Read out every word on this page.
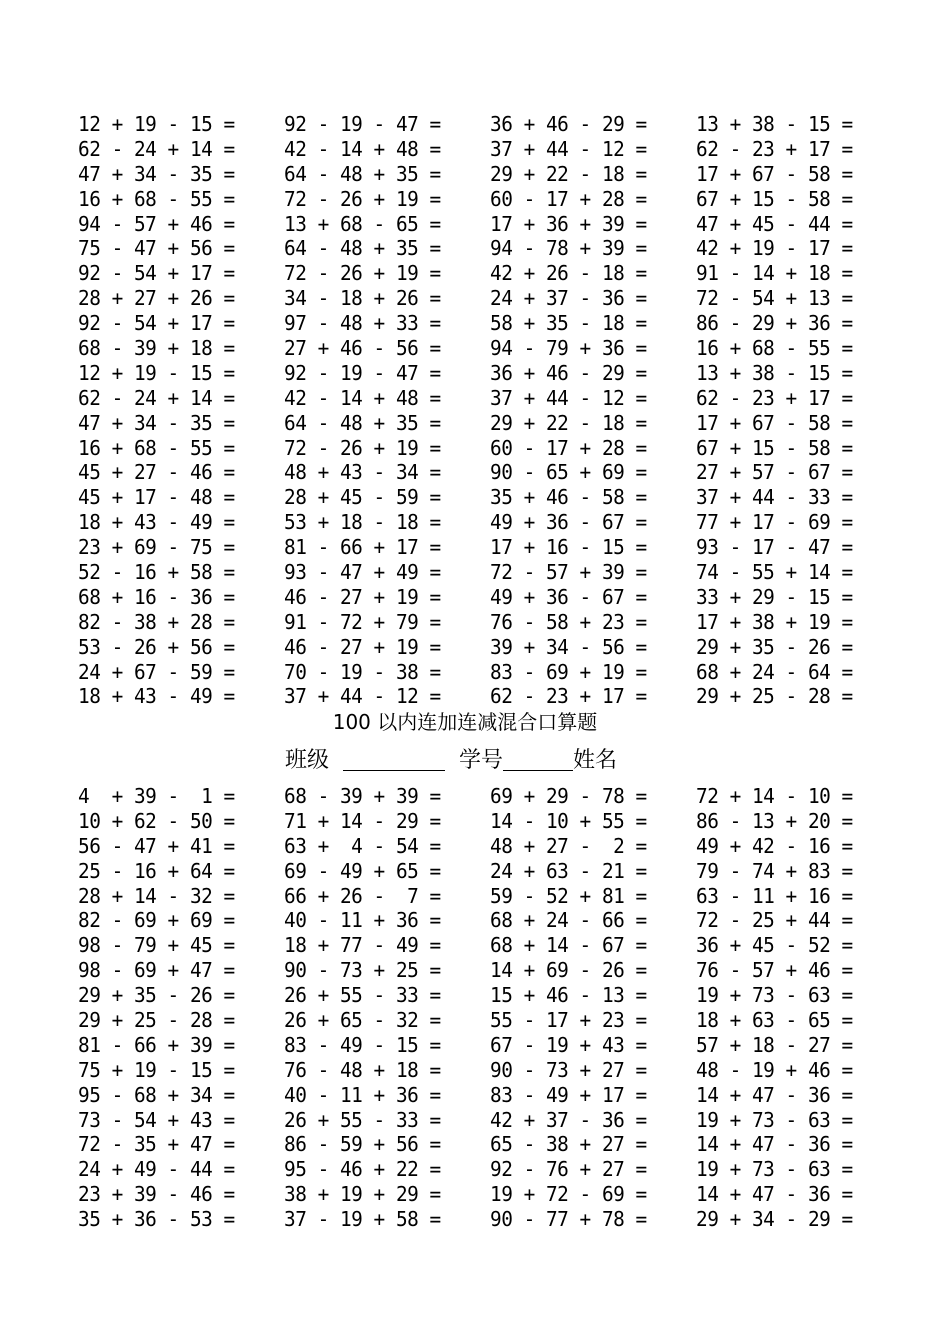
12 + 19 - 15 = 92 - 19 - 47 = 36 + 46 - 29 = 13 + 38 - 15 =
62 - 24 + 14 = 42 - 14 + 48 = 37 + 44 - 12 = 62 - 23 + 17 =
47 + 34 - 35 = 64 - 48 + 35 = 29 + 22 - 18 = 17 + 67 - 58 =
16 + 68 - 55 = 72 - 26 + 19 = 60 - 17 + 28 = 67 + 15 - 58 =
94 - 57 + 46 = 13 + 68 - 65 = 17 + 36 + 39 = 47 + 45 - 44 =
75 - 47 + 56 = 64 - 48 + 35 = 94 - 78 + 39 = 42 + 19 - 17 =
92 - 54 + 17 = 72 - 26 + 19 = 42 + 26 - 18 = 91 - 14 + 18 =
28 + 27 + 26 = 34 - 18 + 26 = 24 + 37 - 36 = 72 - 54 + 13 =
92 - 54 + 17 = 97 - 48 + 33 = 58 + 35 - 18 = 86 - 29 + 36 =
68 - 39 + 18 = 27 + 46 - 56 = 94 - 79 + 36 = 16 + 68 - 55 =
12 + 19 - 15 = 92 - 19 - 47 = 36 + 46 - 29 = 13 + 38 - 15 =
62 - 24 + 14 = 42 - 14 + 48 = 37 + 44 - 12 = 62 - 23 + 17 =
47 + 34 - 35 = 64 - 48 + 35 = 29 + 22 - 18 = 17 + 67 - 58 =
16 + 68 - 55 = 72 - 26 + 19 = 60 - 17 + 28 = 67 + 15 - 58 =
45 + 27 - 46 = 48 + 43 - 34 = 90 - 65 + 69 = 27 + 57 - 67 =
45 + 17 - 48 = 28 + 45 - 59 = 35 + 46 - 58 = 37 + 44 - 33 =
18 + 43 - 49 = 53 + 18 - 18 = 49 + 36 - 67 = 77 + 17 - 69 =
23 + 69 - 75 = 81 - 66 + 17 = 17 + 16 - 15 = 93 - 17 - 47 =
52 - 16 + 58 = 93 - 47 + 49 = 72 - 57 + 39 = 74 - 55 + 14 =
68 + 16 - 36 = 46 - 27 + 19 = 49 + 36 - 67 = 33 + 29 - 15 =
82 - 38 + 28 = 91 - 72 + 79 = 76 - 58 + 23 = 17 + 38 + 19 =
53 - 26 + 56 = 46 - 27 + 19 = 39 + 34 - 56 = 29 + 35 - 26 =
24 + 67 - 59 = 70 - 19 - 38 = 83 - 69 + 19 = 68 + 24 - 64 =
18 + 43 - 49 = 37 + 44 - 12 = 62 - 23 + 17 = 29 + 25 - 28 =
100 以内连加连减混合口算题
班级	学号	姓名
4  + 39 -  1 = 68 - 39 + 39 = 69 + 29 - 78 = 72 + 14 - 10 =
10 + 62 - 50 = 71 + 14 - 29 = 14 - 10 + 55 = 86 - 13 + 20 =
56 - 47 + 41 = 63 +  4 - 54 = 48 + 27 -  2 = 49 + 42 - 16 =
25 - 16 + 64 = 69 - 49 + 65 = 24 + 63 - 21 = 79 - 74 + 83 =
28 + 14 - 32 = 66 + 26 -  7 = 59 - 52 + 81 = 63 - 11 + 16 =
82 - 69 + 69 = 40 - 11 + 36 = 68 + 24 - 66 = 72 - 25 + 44 =
98 - 79 + 45 = 18 + 77 - 49 = 68 + 14 - 67 = 36 + 45 - 52 =
98 - 69 + 47 = 90 - 73 + 25 = 14 + 69 - 26 = 76 - 57 + 46 =
29 + 35 - 26 = 26 + 55 - 33 = 15 + 46 - 13 = 19 + 73 - 63 =
29 + 25 - 28 = 26 + 65 - 32 = 55 - 17 + 23 = 18 + 63 - 65 =
81 - 66 + 39 = 83 - 49 - 15 = 67 - 19 + 43 = 57 + 18 - 27 =
75 + 19 - 15 = 76 - 48 + 18 = 90 - 73 + 27 = 48 - 19 + 46 =
95 - 68 + 34 = 40 - 11 + 36 = 83 - 49 + 17 = 14 + 47 - 36 =
73 - 54 + 43 = 26 + 55 - 33 = 42 + 37 - 36 = 19 + 73 - 63 =
72 - 35 + 47 = 86 - 59 + 56 = 65 - 38 + 27 = 14 + 47 - 36 =
24 + 49 - 44 = 95 - 46 + 22 = 92 - 76 + 27 = 19 + 73 - 63 =
23 + 39 - 46 = 38 + 19 + 29 = 19 + 72 - 69 = 14 + 47 - 36 =
35 + 36 - 53 = 37 - 19 + 58 = 90 - 77 + 78 = 29 + 34 - 29 =
